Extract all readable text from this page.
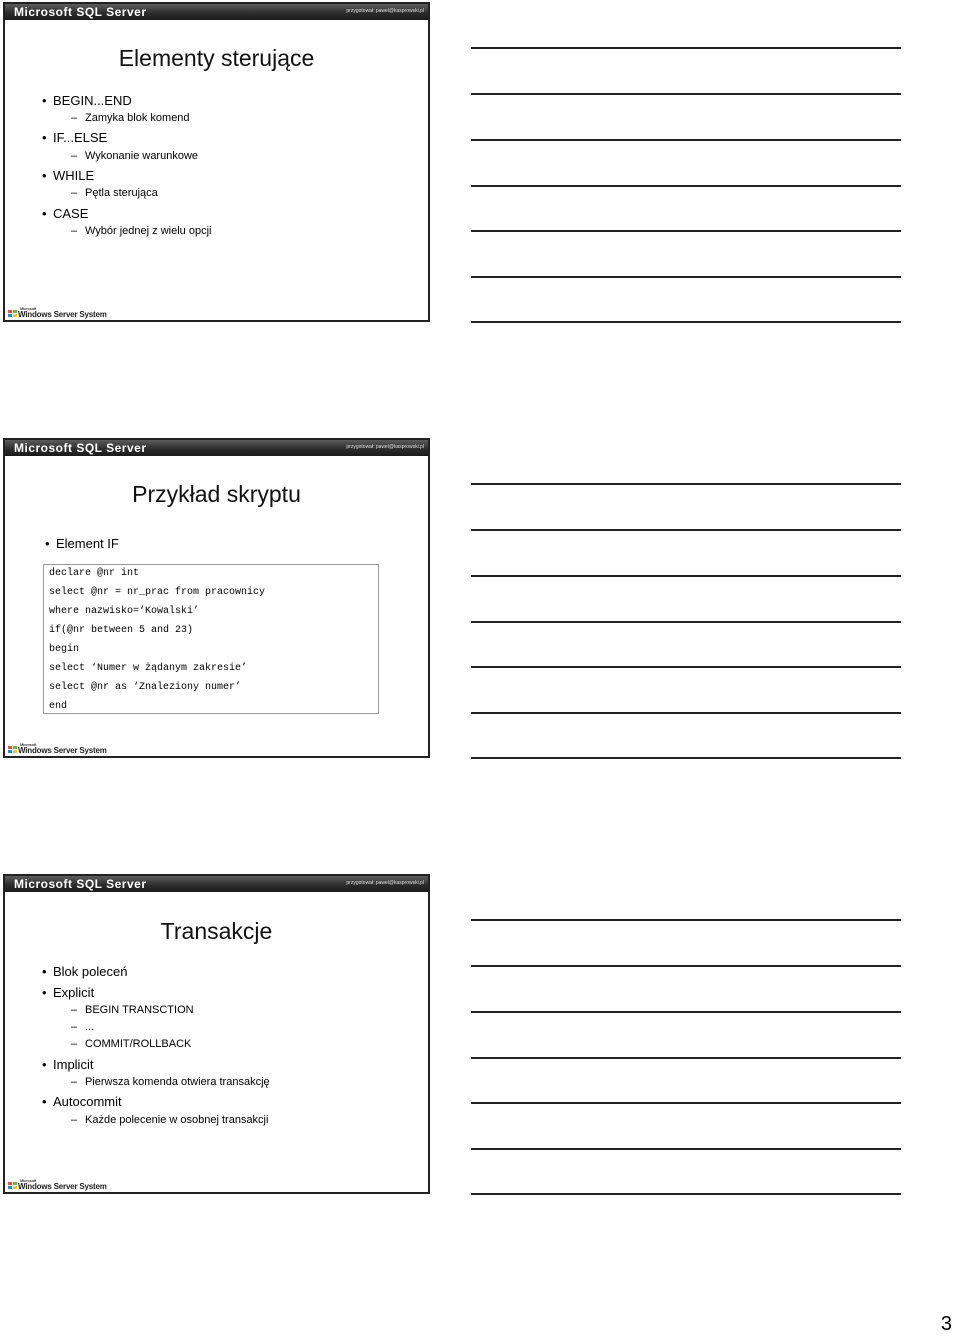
Microsoft SQL Server	przygotował: pawel@kasprowski.pl
Elementy sterujące
• BEGIN...END
– Zamyka blok komend
• IF...ELSE
– Wykonanie warunkowe
• WHILE
– Pętla sterująca
• CASE
– Wybór jednej z wielu opcji
Microsoft
Windows Server System
Microsoft SQL Server	przygotował: pawel@kasprowski.pl
Przykład skryptu
• Element IF
declare @nr int
select @nr = nr_prac from pracownicy
where nazwisko=‘Kowalski’
if(@nr between 5 and 23)
begin
select ‘Numer w żądanym zakresie’
select @nr as ‘Znaleziony numer’
end
Microsoft
Windows Server System
Microsoft SQL Server	przygotował: pawel@kasprowski.pl
Transakcje
• Blok poleceń
• Explicit
– BEGIN TRANSCTION
– ...
– COMMIT/ROLLBACK
• Implicit
– Pierwsza komenda otwiera transakcję
• Autocommit
– Każde polecenie w osobnej transakcji
Microsoft
Windows Server System
3
